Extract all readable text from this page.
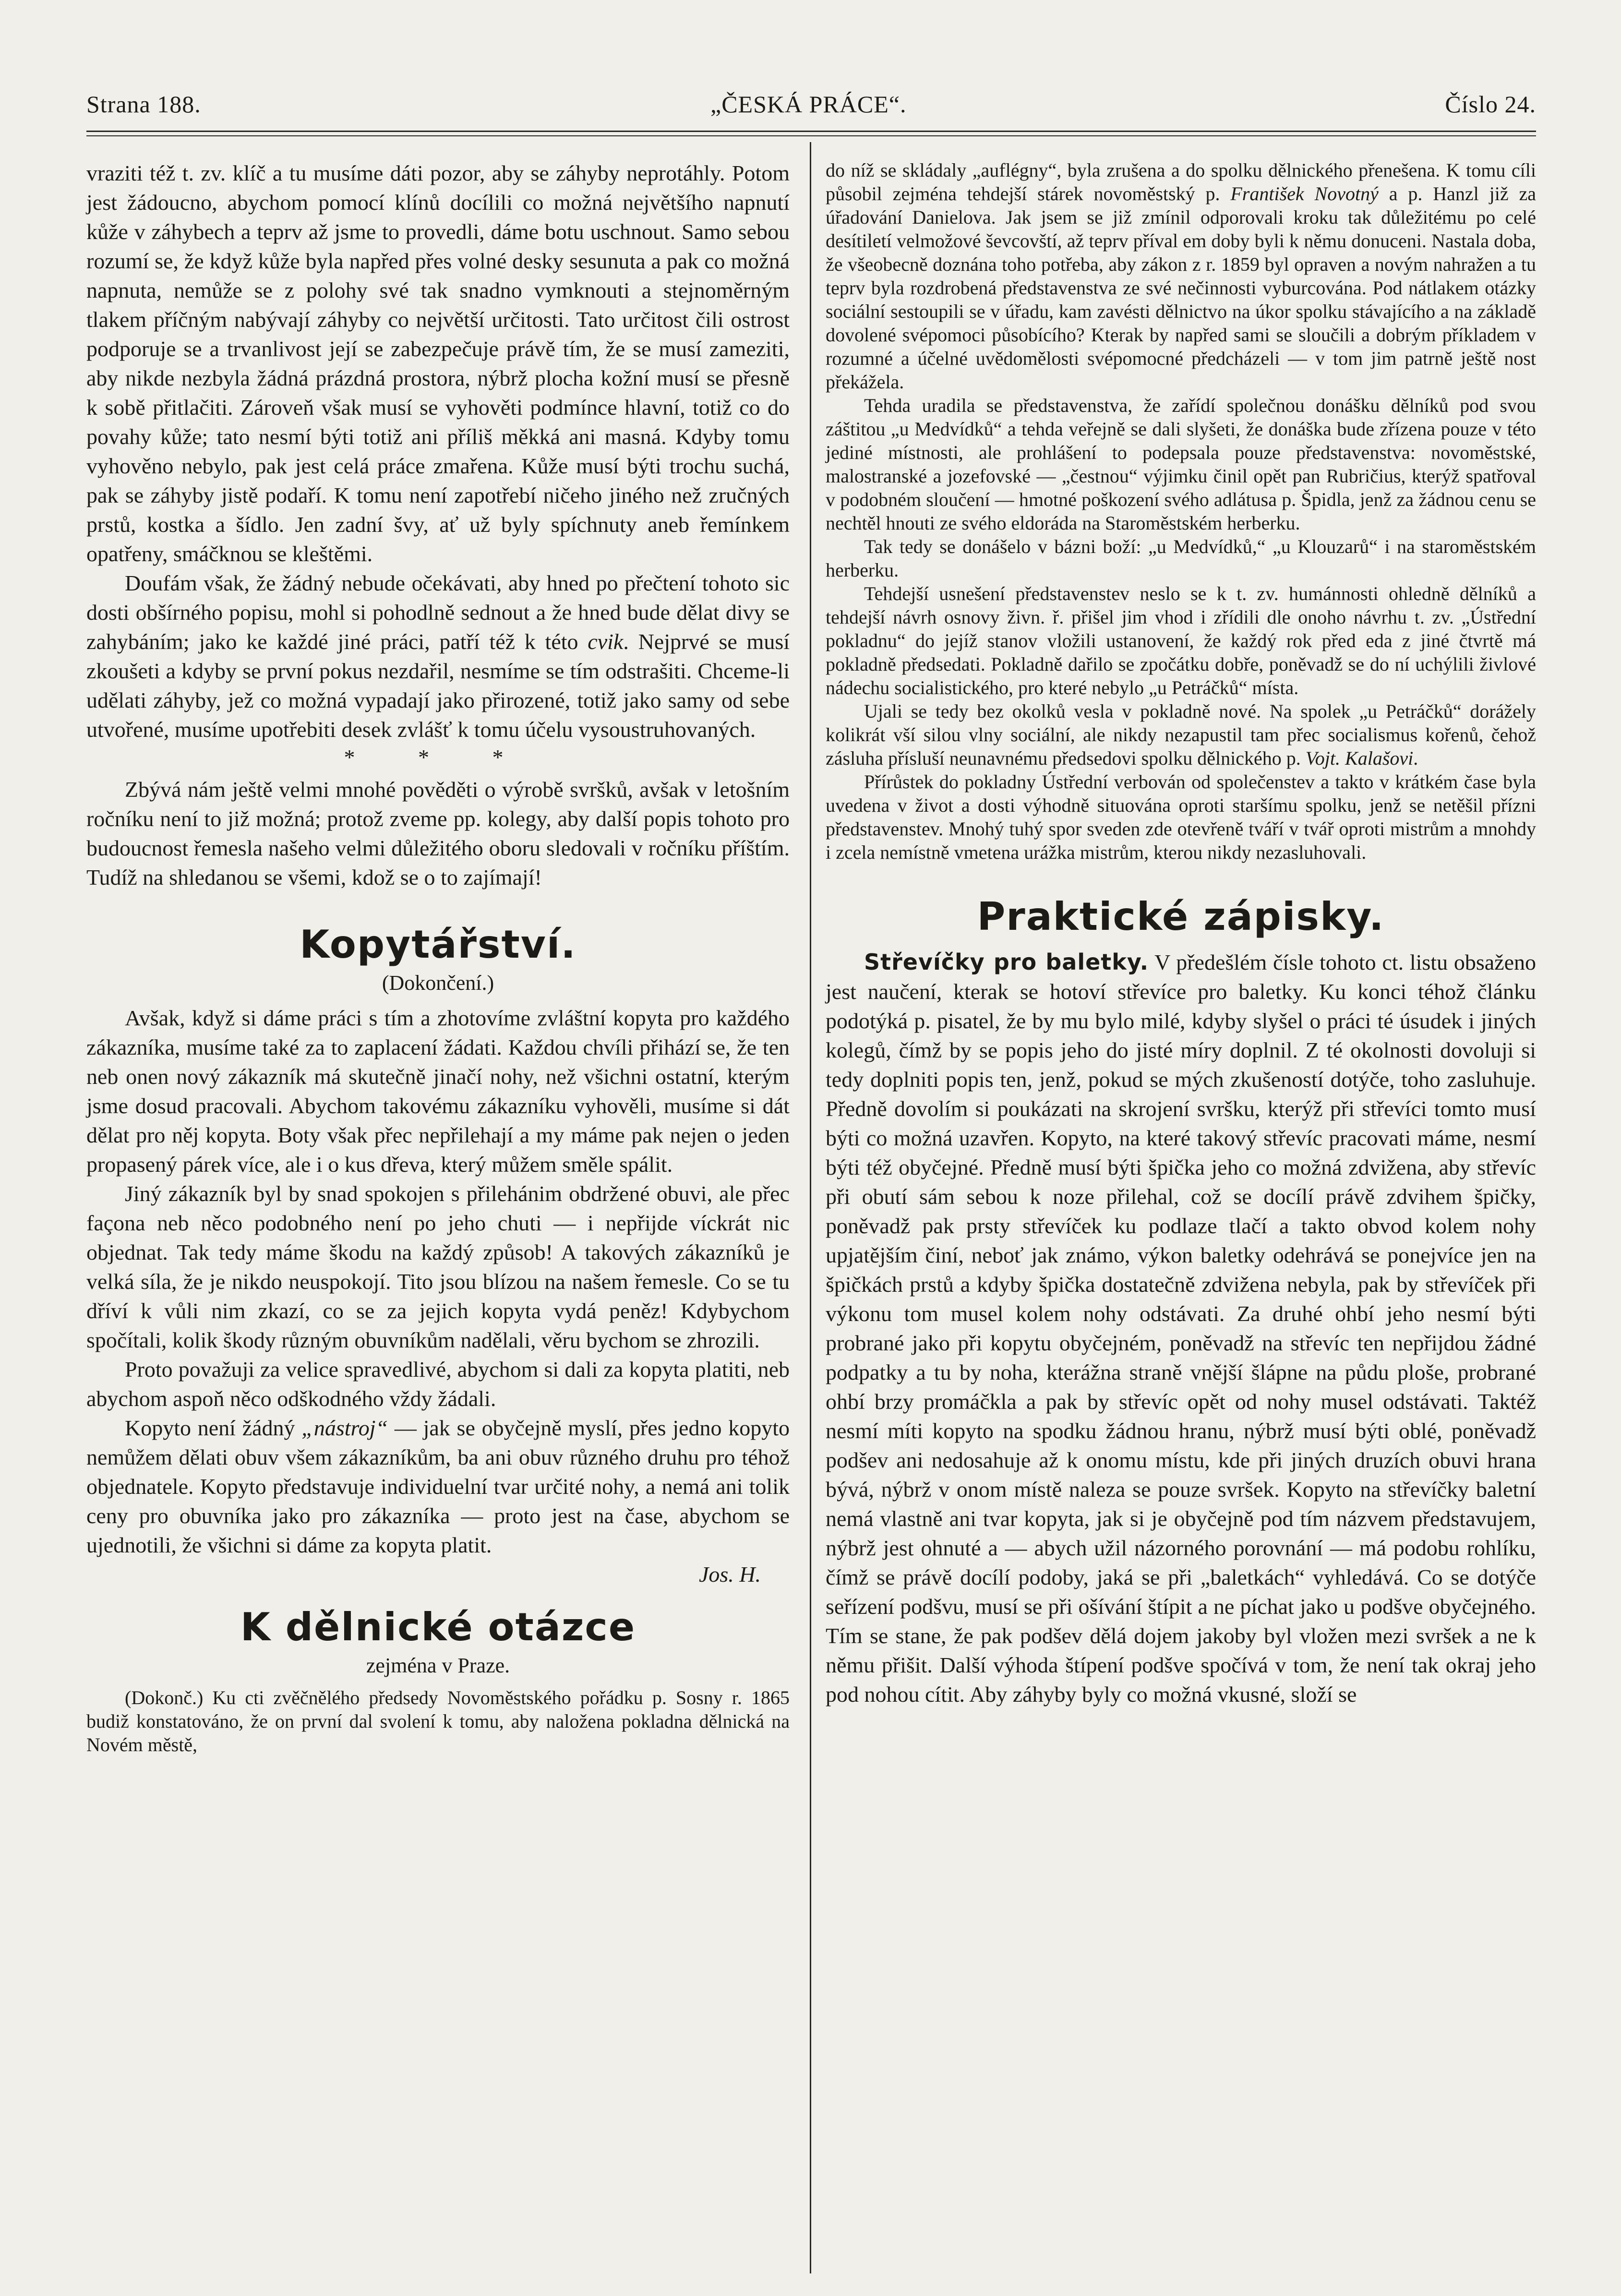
Strana 188.	„ČESKÁ PRÁCE“.	Číslo 24.

vraziti též t. zv. klíč a tu musíme dáti pozor, aby se záhyby neprotáhly. Potom jest žádoucno, abychom pomocí klínů docílili co možná největšího napnutí kůže v záhybech a teprv až jsme to provedli, dáme botu uschnout. Samo sebou rozumí se, že když kůže byla napřed přes volné desky sesunuta a pak co možná napnuta, nemůže se z polohy své tak snadno vymknouti a stejnoměrným tlakem příčným nabývají záhyby co největší určitosti. Tato určitost čili ostrost podporuje se a trvanlivost její se zabezpečuje právě tím, že se musí zameziti, aby nikde nezbyla žádná prázdná prostora, nýbrž plocha kožní musí se přesně k sobě přitlačiti. Zároveň však musí se vyhověti podmínce hlavní, totiž co do povahy kůže; tato nesmí býti totiž ani příliš měkká ani masná. Kdyby tomu vyhověno nebylo, pak jest celá práce zmařena. Kůže musí býti trochu suchá, pak se záhyby jistě podaří. K tomu není zapotřebí ničeho jiného než zručných prstů, kostka a šídlo. Jen zadní švy, ať už byly spíchnuty aneb řemínkem opatřeny, smáčknou se kleštěmi.

Doufám však, že žádný nebude očekávati, aby hned po přečtení tohoto sic dosti obšírného popisu, mohl si pohodlně sednout a že hned bude dělat divy se zahybáním; jako ke každé jiné práci, patří též k této cvik. Nejprvé se musí zkoušeti a kdyby se první pokus nezdařil, nesmíme se tím odstrašiti. Chceme-li udělati záhyby, jež co možná vypadají jako přirozené, totiž jako samy od sebe utvořené, musíme upotřebiti desek zvlášť k tomu účelu vysoustruhovaných.

* * *

Zbývá nám ještě velmi mnohé pověděti o výrobě svršků, avšak v letošním ročníku není to již možná; protož zveme pp. kolegy, aby další popis tohoto pro budoucnost řemesla našeho velmi důležitého oboru sledovali v ročníku příštím. Tudíž na shledanou se všemi, kdož se o to zajímají!

Kopytářství.
(Dokončení.)

Avšak, když si dáme práci s tím a zhotovíme zvláštní kopyta pro každého zákazníka, musíme také za to zaplacení žádati. Každou chvíli přihází se, že ten neb onen nový zákazník má skutečně jinačí nohy, než všichni ostatní, kterým jsme dosud pracovali. Abychom takovému zákazníku vyhověli, musíme si dát dělat pro něj kopyta. Boty však přec nepřilehají a my máme pak nejen o jeden propasený párek více, ale i o kus dřeva, který můžem směle spálit.

Jiný zákazník byl by snad spokojen s přilehánim obdržené obuvi, ale přec façona neb něco podobného není po jeho chuti — i nepřijde víckrát nic objednat. Tak tedy máme škodu na každý způsob! A takových zákazníků je velká síla, že je nikdo neuspokojí. Tito jsou blízou na našem řemesle. Co se tu dříví k vůli nim zkazí, co se za jejich kopyta vydá peněz! Kdybychom spočítali, kolik škody různým obuvníkům nadělali, věru bychom se zhrozili.

Proto považuji za velice spravedlivé, abychom si dali za kopyta platiti, neb abychom aspoň něco odškodného vždy žádali.

Kopyto není žádný „nástroj“ — jak se obyčejně myslí, přes jedno kopyto nemůžem dělati obuv všem zákazníkům, ba ani obuv různého druhu pro téhož objednatele. Kopyto představuje individuelní tvar určité nohy, a nemá ani tolik ceny pro obuvníka jako pro zákazníka — proto jest na čase, abychom se ujednotili, že všichni si dáme za kopyta platit.

Jos. H.
K dělnické otázce
zejména v Praze.

(Dokonč.) Ku cti zvěčnělého předsedy Novoměstského pořádku p. Sosny r. 1865 budiž konstatováno, že on první dal svolení k tomu, aby naložena pokladna dělnická na Novém městě,

do níž se skládaly „auflégny“, byla zrušena a do spolku dělnického přenešena. K tomu cíli působil zejména tehdejší stárek novoměstský p. František Novotný a p. Hanzl již za úřadování Danielova. Jak jsem se již zmínil odporovali kroku tak důležitému po celé desítiletí velmožové ševcovští, až teprv příval em doby byli k němu donuceni. Nastala doba, že všeobecně doznána toho potřeba, aby zákon z r. 1859 byl opraven a novým nahražen a tu teprv byla rozdrobená představenstva ze své nečinnosti vyburcována. Pod nátlakem otázky sociální sestoupili se v úřadu, kam zavésti dělnictvo na úkor spolku stávajícího a na základě dovolené svépomoci působícího? Kterak by napřed sami se sloučili a dobrým příkladem v rozumné a účelné uvědomělosti svépomocné předcházeli — v tom jim patrně ještě nost překážela.

Tehda uradila se představenstva, že zařídí společnou donášku dělníků pod svou záštitou „u Medvídků“ a tehda veřejně se dali slyšeti, že donáška bude zřízena pouze v této jediné místnosti, ale prohlášení to podepsala pouze představenstva: novoměstské, malostranské a jozefovské — „čestnou“ výjimku činil opět pan Rubričius, kterýž spatřoval v podobném sloučení — hmotné poškození svého adlátusa p. Špidla, jenž za žádnou cenu se nechtěl hnouti ze svého eldoráda na Staroměstském herberku.

Tak tedy se donášelo v bázni boží: „u Medvídků,“ „u Klouzarů“ i na staroměstském herberku.

Tehdejší usnešení představenstev neslo se k t. zv. humánnosti ohledně dělníků a tehdejší návrh osnovy živn. ř. přišel jim vhod i zřídili dle onoho návrhu t. zv. „Ústřední pokladnu“ do jejíž stanov vložili ustanovení, že každý rok před eda z jiné čtvrtě má pokladně předsedati. Pokladně dařilo se zpočátku dobře, poněvadž se do ní uchýlili živlové nádechu socialistického, pro které nebylo „u Petráčků“ místa.

Ujali se tedy bez okolků vesla v pokladně nové. Na spolek „u Petráčků“ dorážely kolikrát vší silou vlny sociální, ale nikdy nezapustil tam přec socialismus kořenů, čehož zásluha přísluší neunavnému předsedovi spolku dělnického p. Vojt. Kalašovi.

Přírůstek do pokladny Ústřední verbován od společenstev a takto v krátkém čase byla uvedena v život a dosti výhodně situována oproti staršímu spolku, jenž se netěšil přízni představenstev. Mnohý tuhý spor sveden zde otevřeně tváří v tvář oproti mistrům a mnohdy i zcela nemístně vmetena urážka mistrům, kterou nikdy nezasluhovali.

Praktické zápisky.

Střevíčky pro baletky. V předešlém čísle tohoto ct. listu obsaženo jest naučení, kterak se hotoví střevíce pro baletky. Ku konci téhož článku podotýká p. pisatel, že by mu bylo milé, kdyby slyšel o práci té úsudek i jiných kolegů, čímž by se popis jeho do jisté míry doplnil. Z té okolnosti dovoluji si tedy doplniti popis ten, jenž, pokud se mých zkušeností dotýče, toho zasluhuje. Předně dovolím si poukázati na skrojení svršku, kterýž při střevíci tomto musí býti co možná uzavřen. Kopyto, na které takový střevíc pracovati máme, nesmí býti též obyčejné. Předně musí býti špička jeho co možná zdvižena, aby střevíc při obutí sám sebou k noze přilehal, což se docílí právě zdvihem špičky, poněvadž pak prsty střevíček ku podlaze tlačí a takto obvod kolem nohy upjatějším činí, neboť jak známo, výkon baletky odehrává se ponejvíce jen na špičkách prstů a kdyby špička dostatečně zdvižena nebyla, pak by střevíček při výkonu tom musel kolem nohy odstávati. Za druhé ohbí jeho nesmí býti probrané jako při kopytu obyčejném, poněvadž na střevíc ten nepřijdou žádné podpatky a tu by noha, kterážna straně vnější šlápne na půdu ploše, probrané ohbí brzy promáčkla a pak by střevíc opět od nohy musel odstávati. Taktéž nesmí míti kopyto na spodku žádnou hranu, nýbrž musí býti oblé, poněvadž podšev ani nedosahuje až k onomu místu, kde při jiných druzích obuvi hrana bývá, nýbrž v onom místě naleza se pouze svršek. Kopyto na střevíčky baletní nemá vlastně ani tvar kopyta, jak si je obyčejně pod tím názvem představujem, nýbrž jest ohnuté a — abych užil názorného porovnání — má podobu rohlíku, čímž se právě docílí podoby, jaká se při „baletkách“ vyhledává. Co se dotýče seřízení podšvu, musí se při ošívání štípit a ne píchat jako u podšve obyčejného. Tím se stane, že pak podšev dělá dojem jakoby byl vložen mezi svršek a ne k němu přišit. Další výhoda štípení podšve spočívá v tom, že není tak okraj jeho pod nohou cítit. Aby záhyby byly co možná vkusné, složí se
